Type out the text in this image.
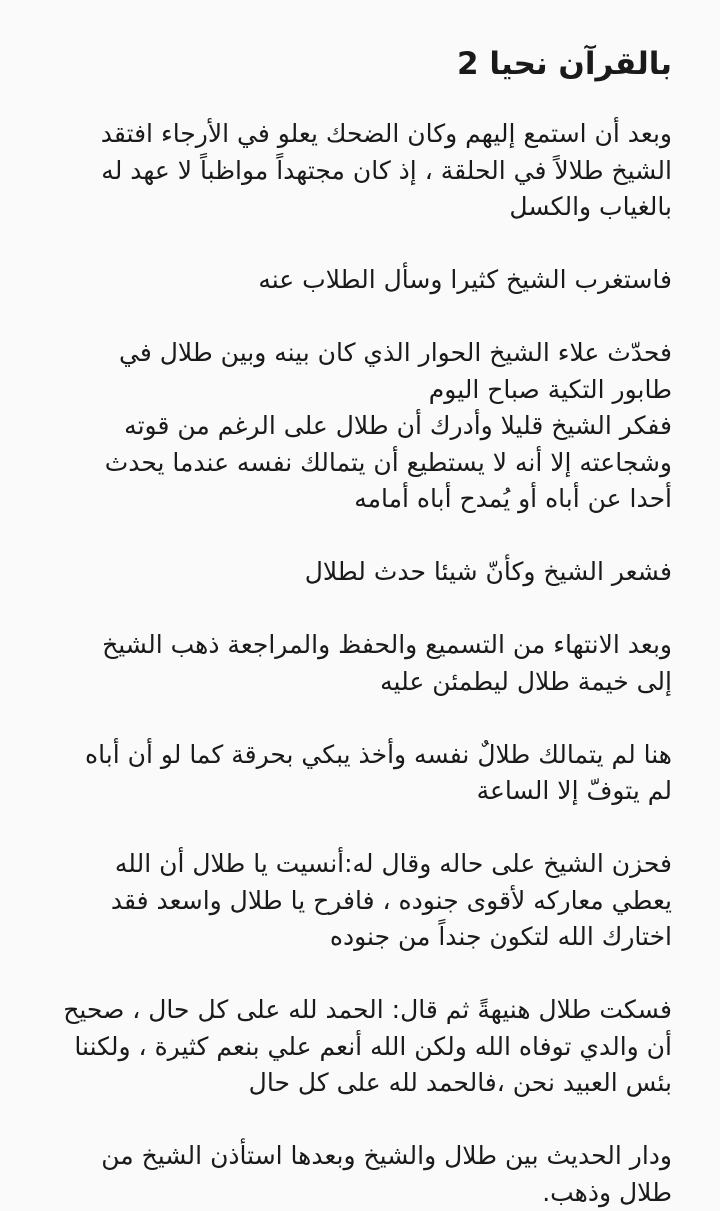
بالقرآن نحيا 2

وبعد أن استمع إليهم وكان الضحك يعلو في الأرجاء افتقد
الشيخ طلالاً في الحلقة ، إذ كان مجتهداً مواظباً لا عهد له
بالغياب والكسل

فاستغرب الشيخ كثيرا وسأل الطلاب عنه

فحدّث علاء الشيخ الحوار الذي كان بينه وبين طلال في
طابور التكية صباح اليوم
ففكر الشيخ قليلا وأدرك أن طلال على الرغم من قوته
وشجاعته إلا أنه لا يستطيع أن يتمالك نفسه عندما يحدث
أحدا عن أباه أو يُمدح أباه أمامه

فشعر الشيخ وكأنّ شيئا حدث لطلال

وبعد الانتهاء من التسميع والحفظ والمراجعة ذهب الشيخ
إلى خيمة طلال ليطمئن عليه

هنا لم يتمالك طلالٌ نفسه وأخذ يبكي بحرقة كما لو أن أباه
لم يتوفّ إلا الساعة

فحزن الشيخ على حاله وقال له:أنسيت يا طلال أن الله
يعطي معاركه لأقوى جنوده ، فافرح يا طلال واسعد فقد
اختارك الله لتكون جنداً من جنوده

فسكت طلال هنيهةً ثم قال: الحمد لله على كل حال ، صحيح
أن والدي توفاه الله ولكن الله أنعم علي بنعم كثيرة ، ولكننا
بئس العبيد نحن ،فالحمد لله على كل حال

ودار الحديث بين طلال والشيخ وبعدها استأذن الشيخ من
طلال وذهب.
